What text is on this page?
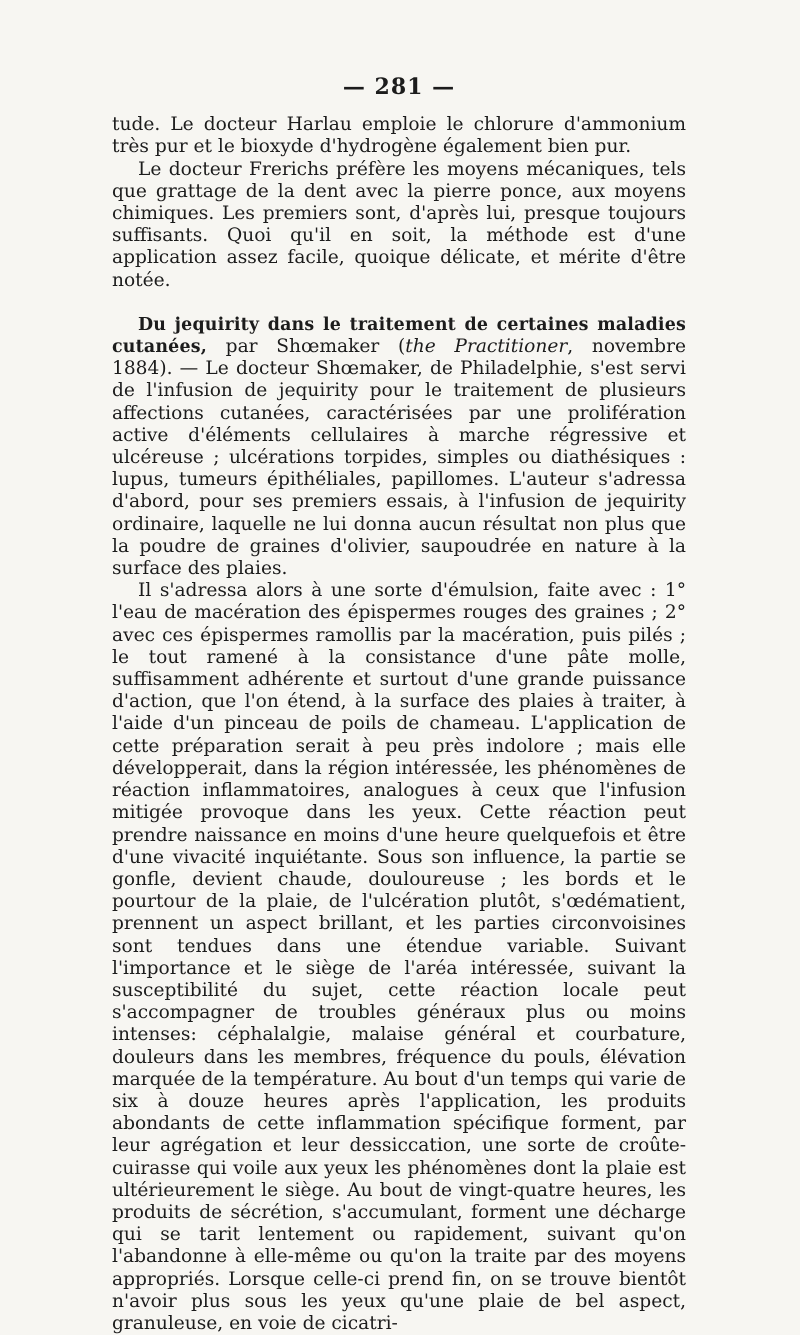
— 281 —

tude. Le docteur Harlau emploie le chlorure d'ammonium très pur et le bioxyde d'hydrogène également bien pur.

Le docteur Frerichs préfère les moyens mécaniques, tels que grattage de la dent avec la pierre ponce, aux moyens chimiques. Les premiers sont, d'après lui, presque toujours suffisants. Quoi qu'il en soit, la méthode est d'une application assez facile, quoique délicate, et mérite d'être notée.

Du jequirity dans le traitement de certaines maladies cutanées, par Shœmaker (the Practitioner, novembre 1884). — Le docteur Shœmaker, de Philadelphie, s'est servi de l'infusion de jequirity pour le traitement de plusieurs affections cutanées, caractérisées par une prolifération active d'éléments cellulaires à marche régressive et ulcéreuse ; ulcérations torpides, simples ou diathésiques : lupus, tumeurs épithéliales, papillomes. L'auteur s'adressa d'abord, pour ses premiers essais, à l'infusion de jequirity ordinaire, laquelle ne lui donna aucun résultat non plus que la poudre de graines d'olivier, saupoudrée en nature à la surface des plaies.

Il s'adressa alors à une sorte d'émulsion, faite avec : 1° l'eau de macération des épispermes rouges des graines ; 2° avec ces épispermes ramollis par la macération, puis pilés ; le tout ramené à la consistance d'une pâte molle, suffisamment adhérente et surtout d'une grande puissance d'action, que l'on étend, à la surface des plaies à traiter, à l'aide d'un pinceau de poils de chameau. L'application de cette préparation serait à peu près indolore ; mais elle développerait, dans la région intéressée, les phénomènes de réaction inflammatoires, analogues à ceux que l'infusion mitigée provoque dans les yeux. Cette réaction peut prendre naissance en moins d'une heure quelquefois et être d'une vivacité inquiétante. Sous son influence, la partie se gonfle, devient chaude, douloureuse ; les bords et le pourtour de la plaie, de l'ulcération plutôt, s'œdématient, prennent un aspect brillant, et les parties circonvoisines sont tendues dans une étendue variable. Suivant l'importance et le siège de l'aréa intéressée, suivant la susceptibilité du sujet, cette réaction locale peut s'accompagner de troubles généraux plus ou moins intenses: céphalalgie, malaise général et courbature, douleurs dans les membres, fréquence du pouls, élévation marquée de la température. Au bout d'un temps qui varie de six à douze heures après l'application, les produits abondants de cette inflammation spécifique forment, par leur agrégation et leur dessiccation, une sorte de croûte-cuirasse qui voile aux yeux les phénomènes dont la plaie est ultérieurement le siège. Au bout de vingt-quatre heures, les produits de sécrétion, s'accumulant, forment une décharge qui se tarit lentement ou rapidement, suivant qu'on l'abandonne à elle-même ou qu'on la traite par des moyens appropriés. Lorsque celle-ci prend fin, on se trouve bientôt n'avoir plus sous les yeux qu'une plaie de bel aspect, granuleuse, en voie de cicatri-
